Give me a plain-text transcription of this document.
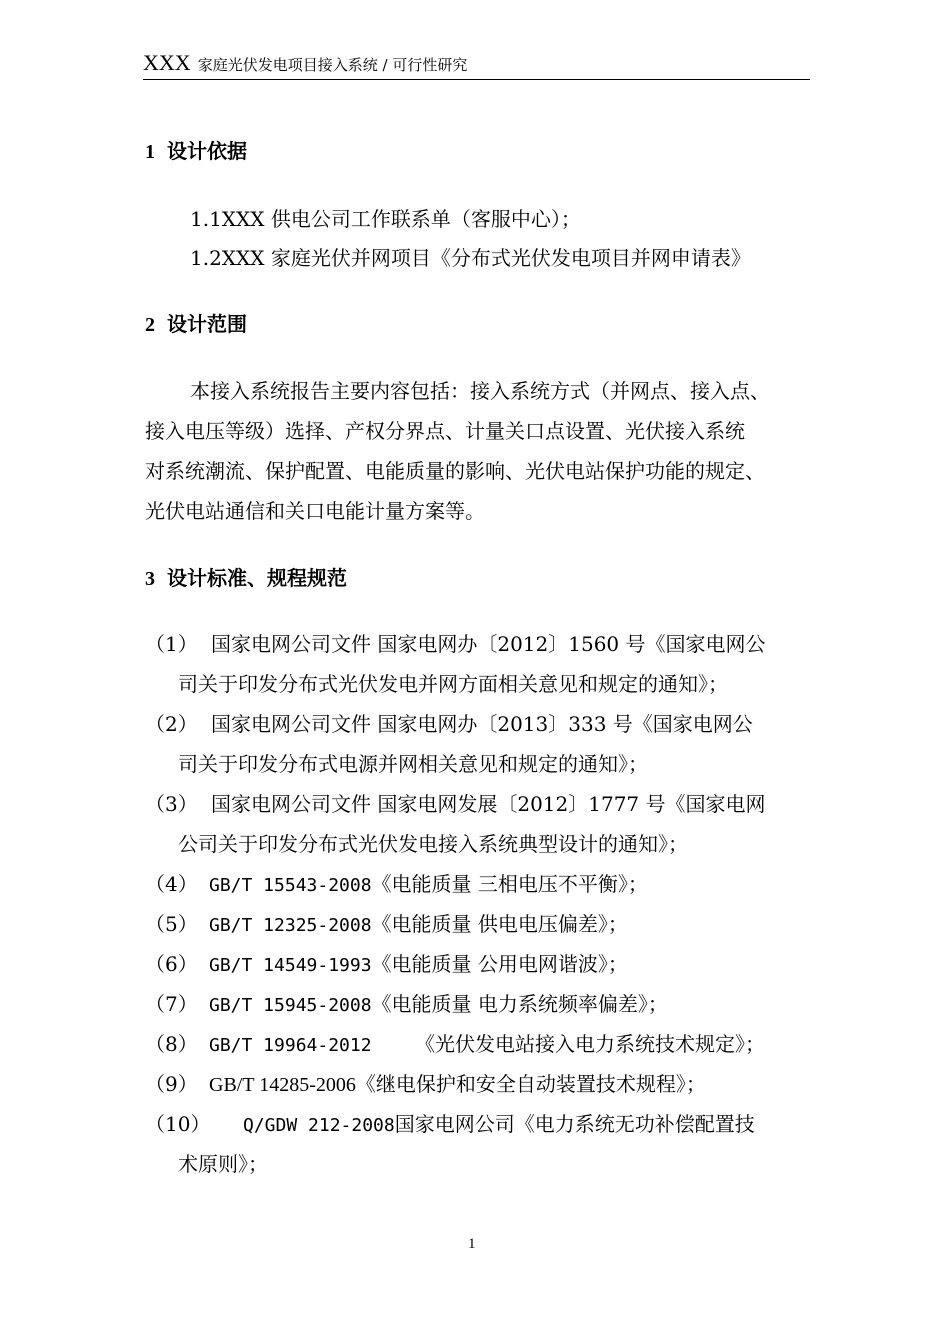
XXX 家庭光伏发电项目接入系统 / 可行性研究
1 设计依据
1.1XXX 供电公司工作联系单（客服中心）；
1.2XXX 家庭光伏并网项目《分布式光伏发电项目并网申请表》
2 设计范围
本接入系统报告主要内容包括：接入系统方式（并网点、接入点、
接入电压等级）选择、产权分界点、计量关口点设置、光伏接入系统
对系统潮流、保护配置、电能质量的影响、光伏电站保护功能的规定、
光伏电站通信和关口电能计量方案等。
3 设计标准、规程规范
（1） 国家电网公司文件 国家电网办〔2012〕1560 号《国家电网公
司关于印发分布式光伏发电并网方面相关意见和规定的通知》；
（2） 国家电网公司文件 国家电网办〔2013〕333 号《国家电网公
司关于印发分布式电源并网相关意见和规定的通知》；
（3） 国家电网公司文件 国家电网发展〔2012〕1777 号《国家电网
公司关于印发分布式光伏发电接入系统典型设计的通知》；
（4） GB/T 15543-2008《电能质量 三相电压不平衡》；
（5） GB/T 12325-2008《电能质量 供电电压偏差》；
（6） GB/T 14549-1993《电能质量 公用电网谐波》；
（7） GB/T 15945-2008《电能质量 电力系统频率偏差》；
（8） GB/T 19964-2012 《光伏发电站接入电力系统技术规定》；
（9） GB/T 14285-2006《继电保护和安全自动装置技术规程》；
（10） Q/GDW 212-2008国家电网公司《电力系统无功补偿配置技
术原则》；
1
